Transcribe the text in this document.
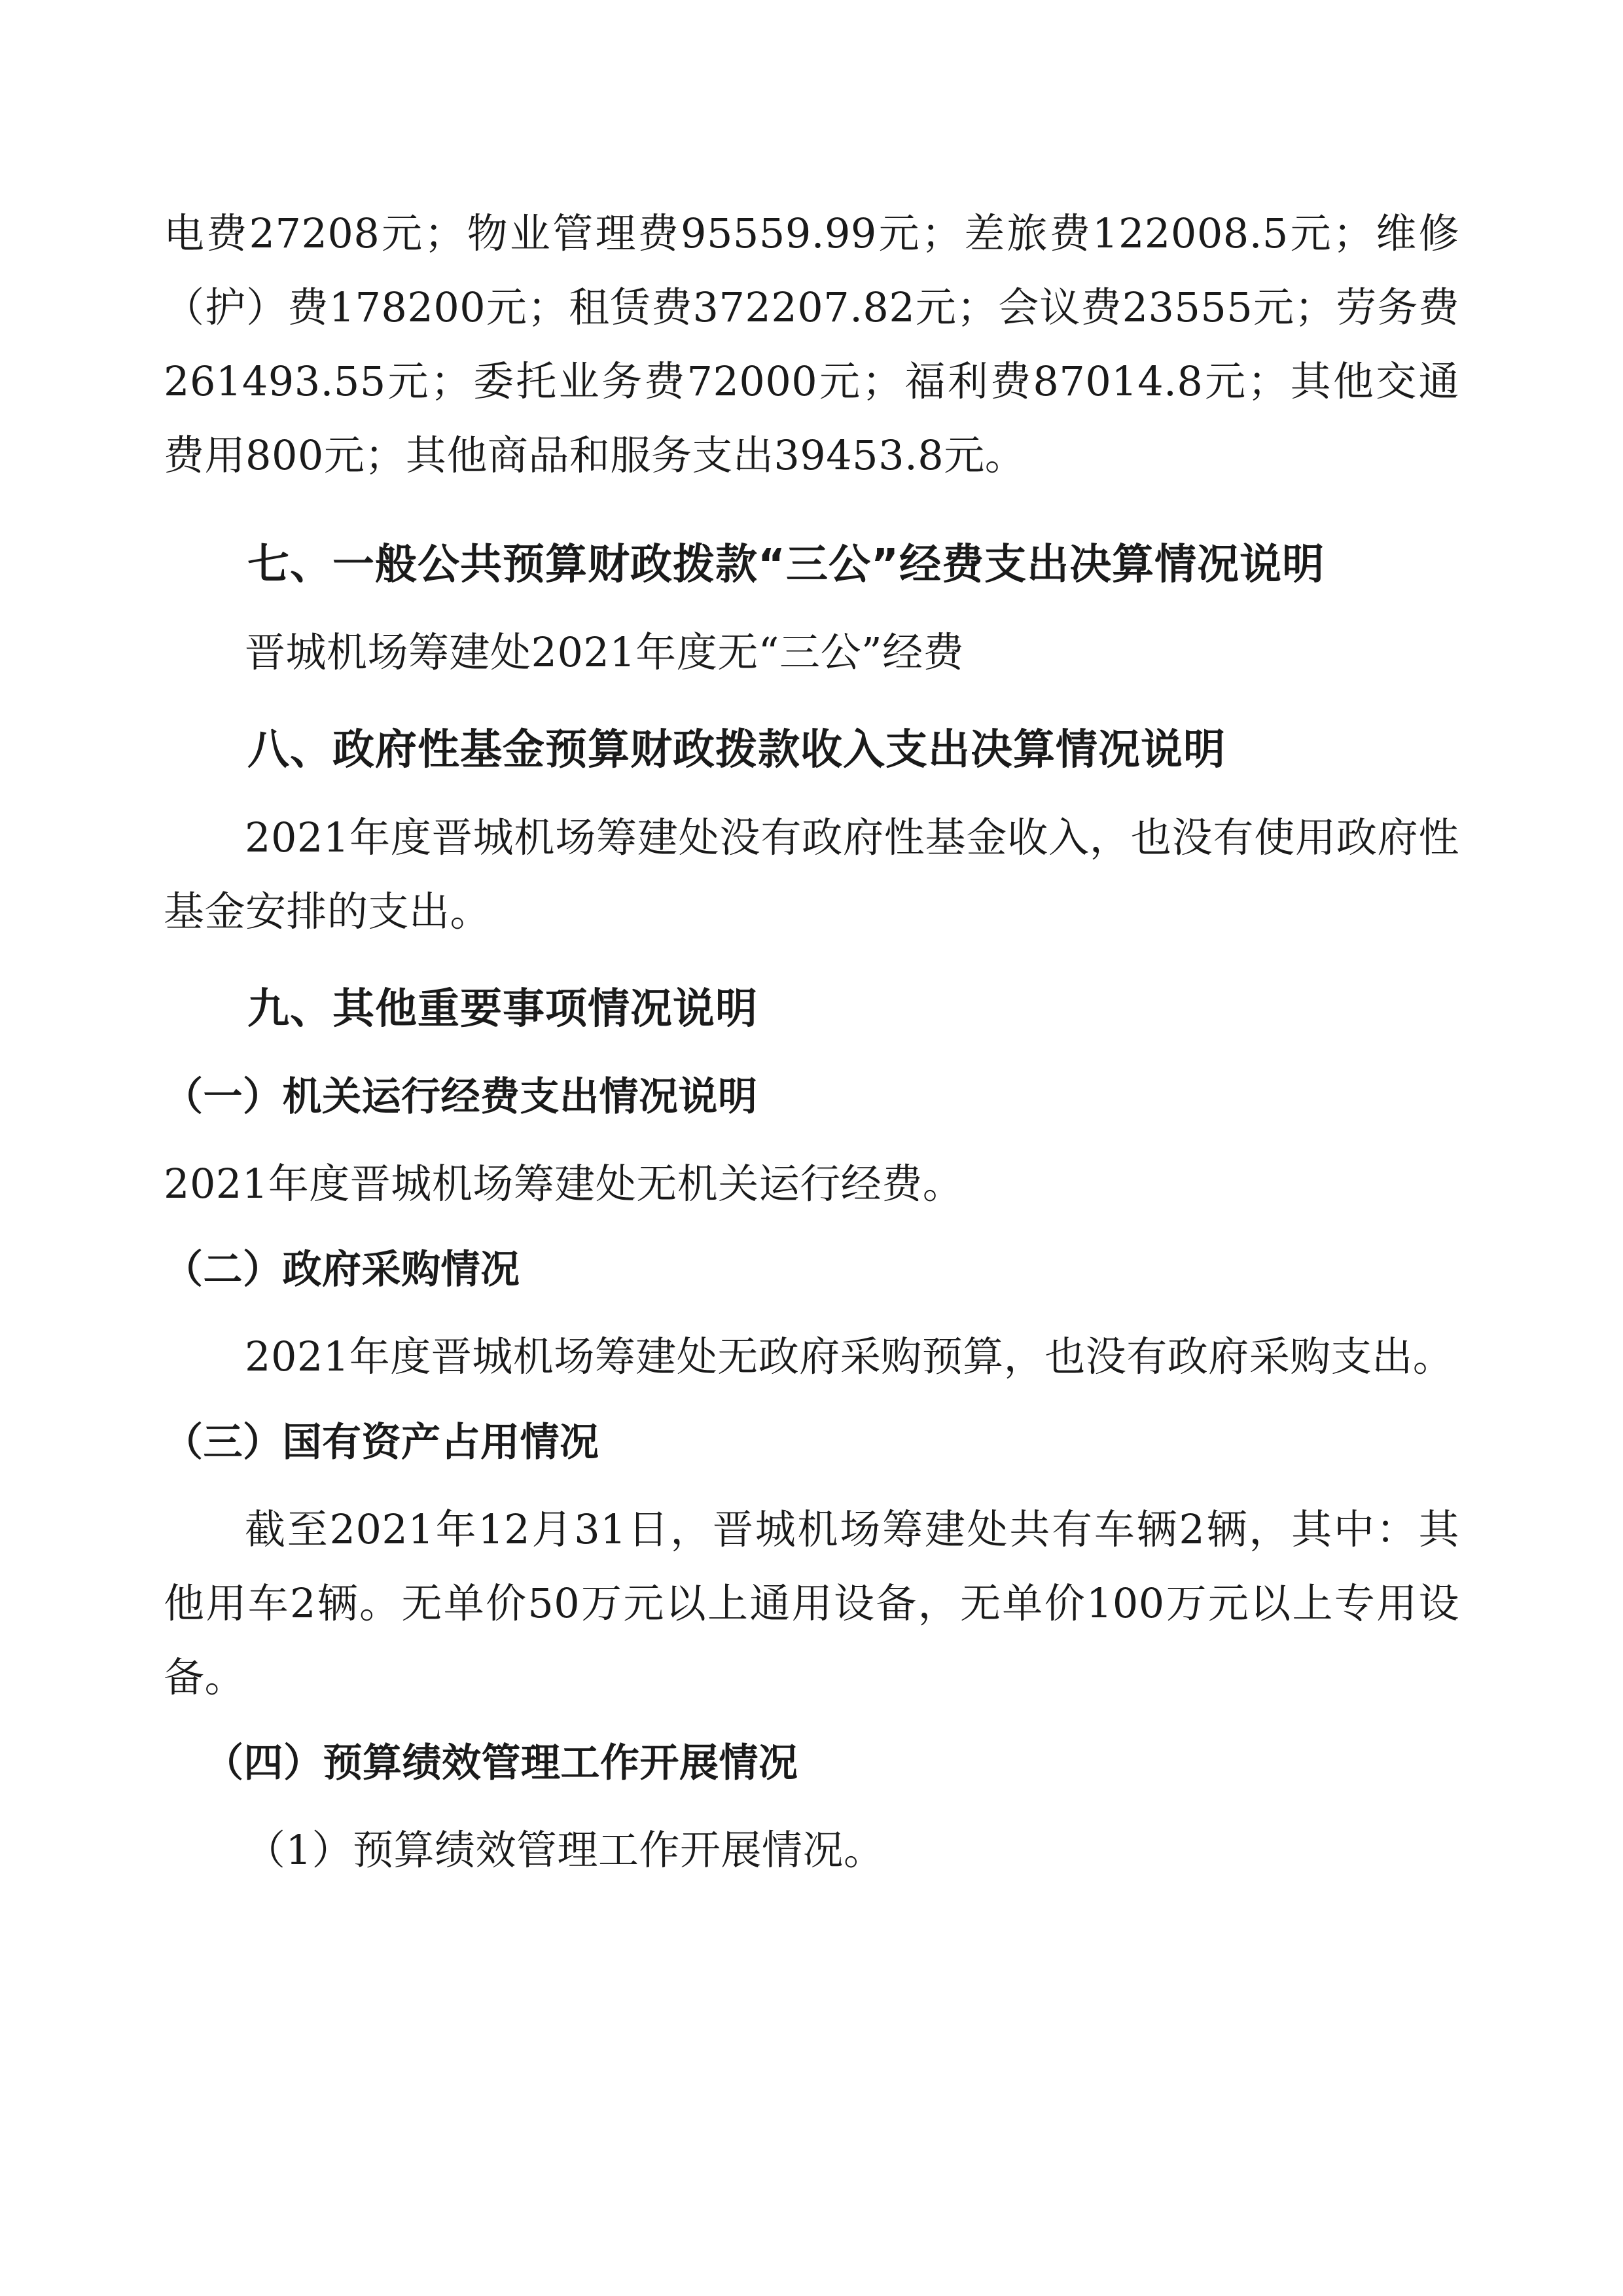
电费27208元；物业管理费95559.99元；差旅费122008.5元；维修（护）费178200元；租赁费372207.82元；会议费23555元；劳务费261493.55元；委托业务费72000元；福利费87014.8元；其他交通费用800元；其他商品和服务支出39453.8元。

七、一般公共预算财政拨款“三公”经费支出决算情况说明

晋城机场筹建处2021年度无“三公”经费

八、政府性基金预算财政拨款收入支出决算情况说明

2021年度晋城机场筹建处没有政府性基金收入，也没有使用政府性基金安排的支出。

九、其他重要事项情况说明

（一）机关运行经费支出情况说明

2021年度晋城机场筹建处无机关运行经费。

（二）政府采购情况

2021年度晋城机场筹建处无政府采购预算，也没有政府采购支出。

（三）国有资产占用情况

截至2021年12月31日，晋城机场筹建处共有车辆2辆，其中：其他用车2辆。无单价50万元以上通用设备，无单价100万元以上专用设备。

（四）预算绩效管理工作开展情况

（1）预算绩效管理工作开展情况。
